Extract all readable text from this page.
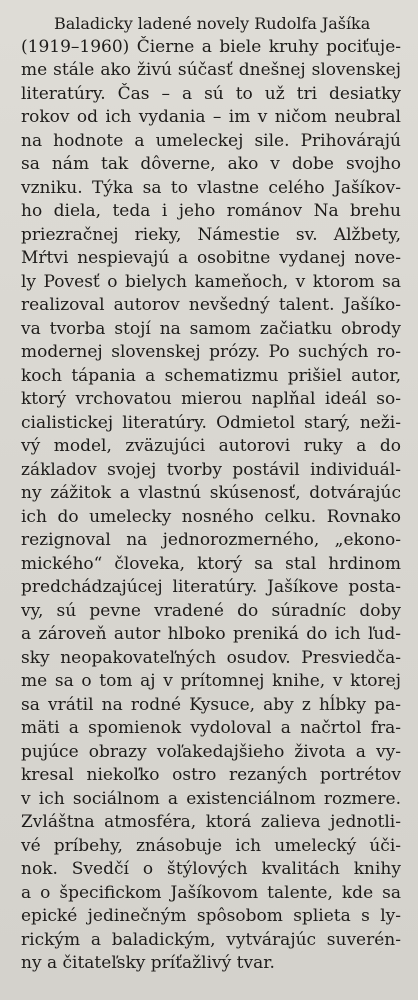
Baladicky ladené novely Rudolfa Jašíka
(1919–1960) Čierne a biele kruhy pociťuje-
me stále ako živú súčasť dnešnej slovenskej
literatúry. Čas – a sú to už tri desiatky
rokov od ich vydania – im v ničom neubral
na hodnote a umeleckej sile. Prihovárajú
sa nám tak dôverne, ako v dobe svojho
vzniku. Týka sa to vlastne celého Jašíkov-
ho diela, teda i jeho románov Na brehu
priezračnej rieky, Námestie sv. Alžbety,
Mŕtvi nespievajú a osobitne vydanej nove-
ly Povesť o bielych kameňoch, v ktorom sa
realizoval autorov nevšedný talent. Jašíko-
va tvorba stojí na samom začiatku obrody
modernej slovenskej prózy. Po suchých ro-
koch tápania a schematizmu prišiel autor,
ktorý vrchovatou mierou naplňal ideál so-
cialistickej literatúry. Odmietol starý, neži-
vý model, zväzujúci autorovi ruky a do
základov svojej tvorby postávil individuál-
ny zážitok a vlastnú skúsenosť, dotvárajúc
ich do umelecky nosného celku. Rovnako
rezignoval na jednorozmerného, „ekono-
mického“ človeka, ktorý sa stal hrdinom
predchádzajúcej literatúry. Jašíkove posta-
vy, sú pevne vradené do súradníc doby
a zároveň autor hlboko preniká do ich ľud-
sky neopakovateľných osudov. Presviedča-
me sa o tom aj v prítomnej knihe, v ktorej
sa vrátil na rodné Kysuce, aby z hĺbky pa-
mäti a spomienok vydoloval a načrtol fra-
pujúce obrazy voľakedajšieho života a vy-
kresal niekoľko ostro rezaných portrétov
v ich sociálnom a existenciálnom rozmere.
Zvláštna atmosféra, ktorá zalieva jednotli-
vé príbehy, znásobuje ich umelecký úči-
nok. Svedčí o štýlových kvalitách knihy
a o špecifickom Jašíkovom talente, kde sa
epické jedinečným spôsobom splieta s ly-
rickým a baladickým, vytvárajúc suverén-
ny a čitateľsky príťažlivý tvar.
